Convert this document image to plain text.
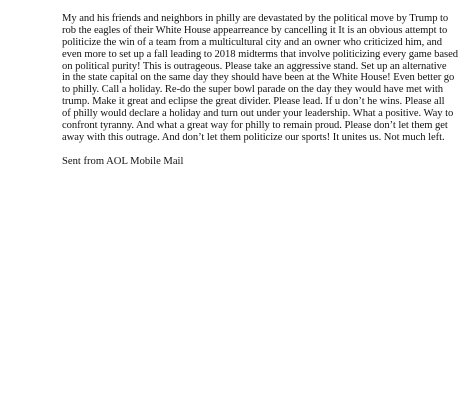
My and his friends and neighbors in philly are devastated by the political move by Trump to
rob the eagles of their White House appearreance by cancelling it It is an obvious attempt to
politicize the win of a team from a multicultural city and an owner who criticized him, and
even more to set up a fall leading to 2018 midterms that involve politicizing every game based
on political purity! This is outrageous. Please take an aggressive stand. Set up an alternative
in the state capital on the same day they should have been at the White House! Even better go
to philly. Call a holiday. Re-do the super bowl parade on the day they would have met with
trump. Make it great and eclipse the great divider. Please lead. If u don’t he wins. Please all
of philly would declare a holiday and turn out under your leadership. What a positive. Way to
confront tyranny. And what a great way for philly to remain proud. Please don’t let them get
away with this outrage. And don’t let them politicize our sports! It unites us. Not much left.

Sent from AOL Mobile Mail
